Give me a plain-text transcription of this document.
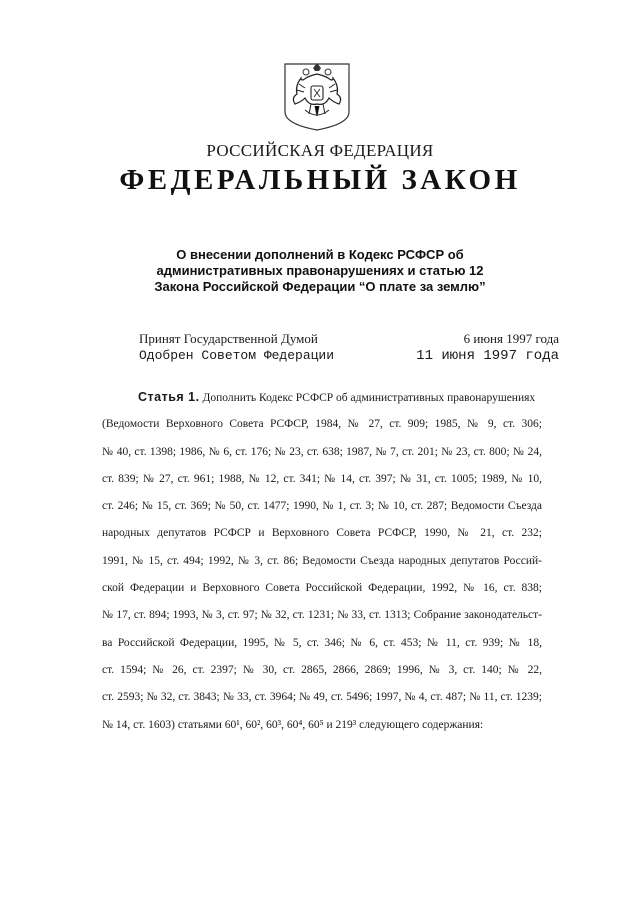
РОССИЙСКАЯ ФЕДЕРАЦИЯ
ФЕДЕРАЛЬНЫЙ ЗАКОН
О внесении дополнений в Кодекс РСФСР об
административных правонарушениях и статью 12
Закона Российской Федерации “О плате за землю”
Принят Государственной Думой	6 июня 1997 года
Одобрен Советом Федерации	11 июня 1997 года
Статья 1. Дополнить Кодекс РСФСР об административных правонарушениях
(Ведомости Верховного Совета РСФСР, 1984, № 27, ст. 909; 1985, № 9, ст. 306;
№ 40, ст. 1398; 1986, № 6, ст. 176; № 23, ст. 638; 1987, № 7, ст. 201; № 23, ст. 800; № 24,
ст. 839; № 27, ст. 961; 1988, № 12, ст. 341; № 14, ст. 397; № 31, ст. 1005; 1989, № 10,
ст. 246; № 15, ст. 369; № 50, ст. 1477; 1990, № 1, ст. 3; № 10, ст. 287; Ведомости Съезда
народных депутатов РСФСР и Верховного Совета РСФСР, 1990, № 21, ст. 232;
1991, № 15, ст. 494; 1992, № 3, ст. 86; Ведомости Съезда народных депутатов Россий-
ской Федерации и Верховного Совета Российской Федерации, 1992, № 16, ст. 838;
№ 17, ст. 894; 1993, № 3, ст. 97; № 32, ст. 1231; № 33, ст. 1313; Собрание законодательст-
ва Российской Федерации, 1995, № 5, ст. 346; № 6, ст. 453; № 11, ст. 939; № 18,
ст. 1594; № 26, ст. 2397; № 30, ст. 2865, 2866, 2869; 1996, № 3, ст. 140; № 22,
ст. 2593; № 32, ст. 3843; № 33, ст. 3964; № 49, ст. 5496; 1997, № 4, ст. 487; № 11, ст. 1239;
№ 14, ст. 1603) статьями 60¹, 60², 60³, 60⁴, 60⁵ и 219³ следующего содержания:
